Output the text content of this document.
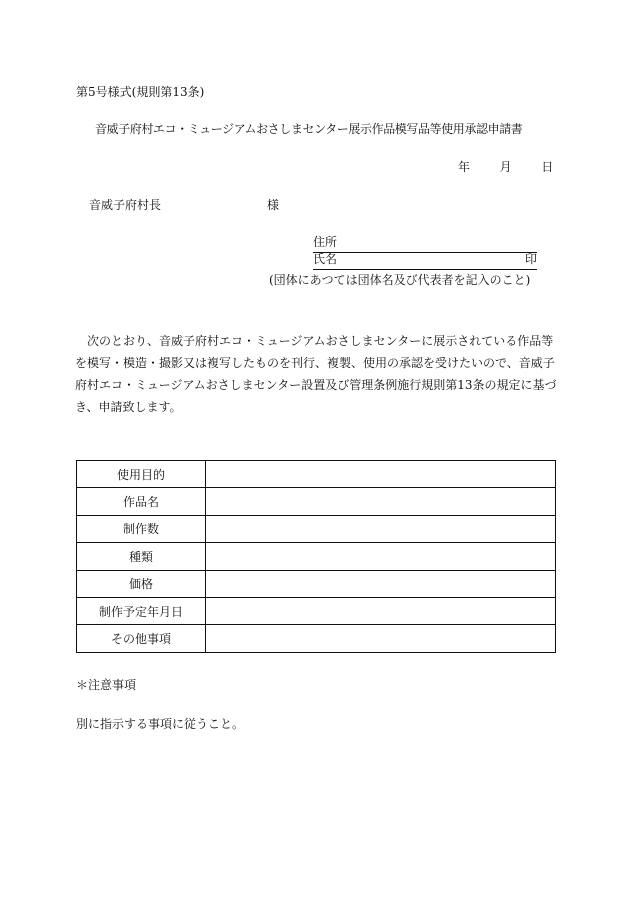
第5号様式(規則第13条)
音威子府村エコ・ミュージアムおさしまセンター展示作品模写品等使用承認申請書
年 月 日
音威子府村長	様
住所
氏名	印
(団体にあつては団体名及び代表者を記入のこと)
次のとおり、音威子府村エコ・ミュージアムおさしまセンターに展示されている作品等を模写・模造・撮影又は複写したものを刊行、複製、使用の承認を受けたいので、音威子府村エコ・ミュージアムおさしまセンター設置及び管理条例施行規則第13条の規定に基づき、申請致します。
使用目的	
作品名	
制作数	
種類	
価格	
制作予定年月日	
その他事項	
＊注意事項
別に指示する事項に従うこと。
